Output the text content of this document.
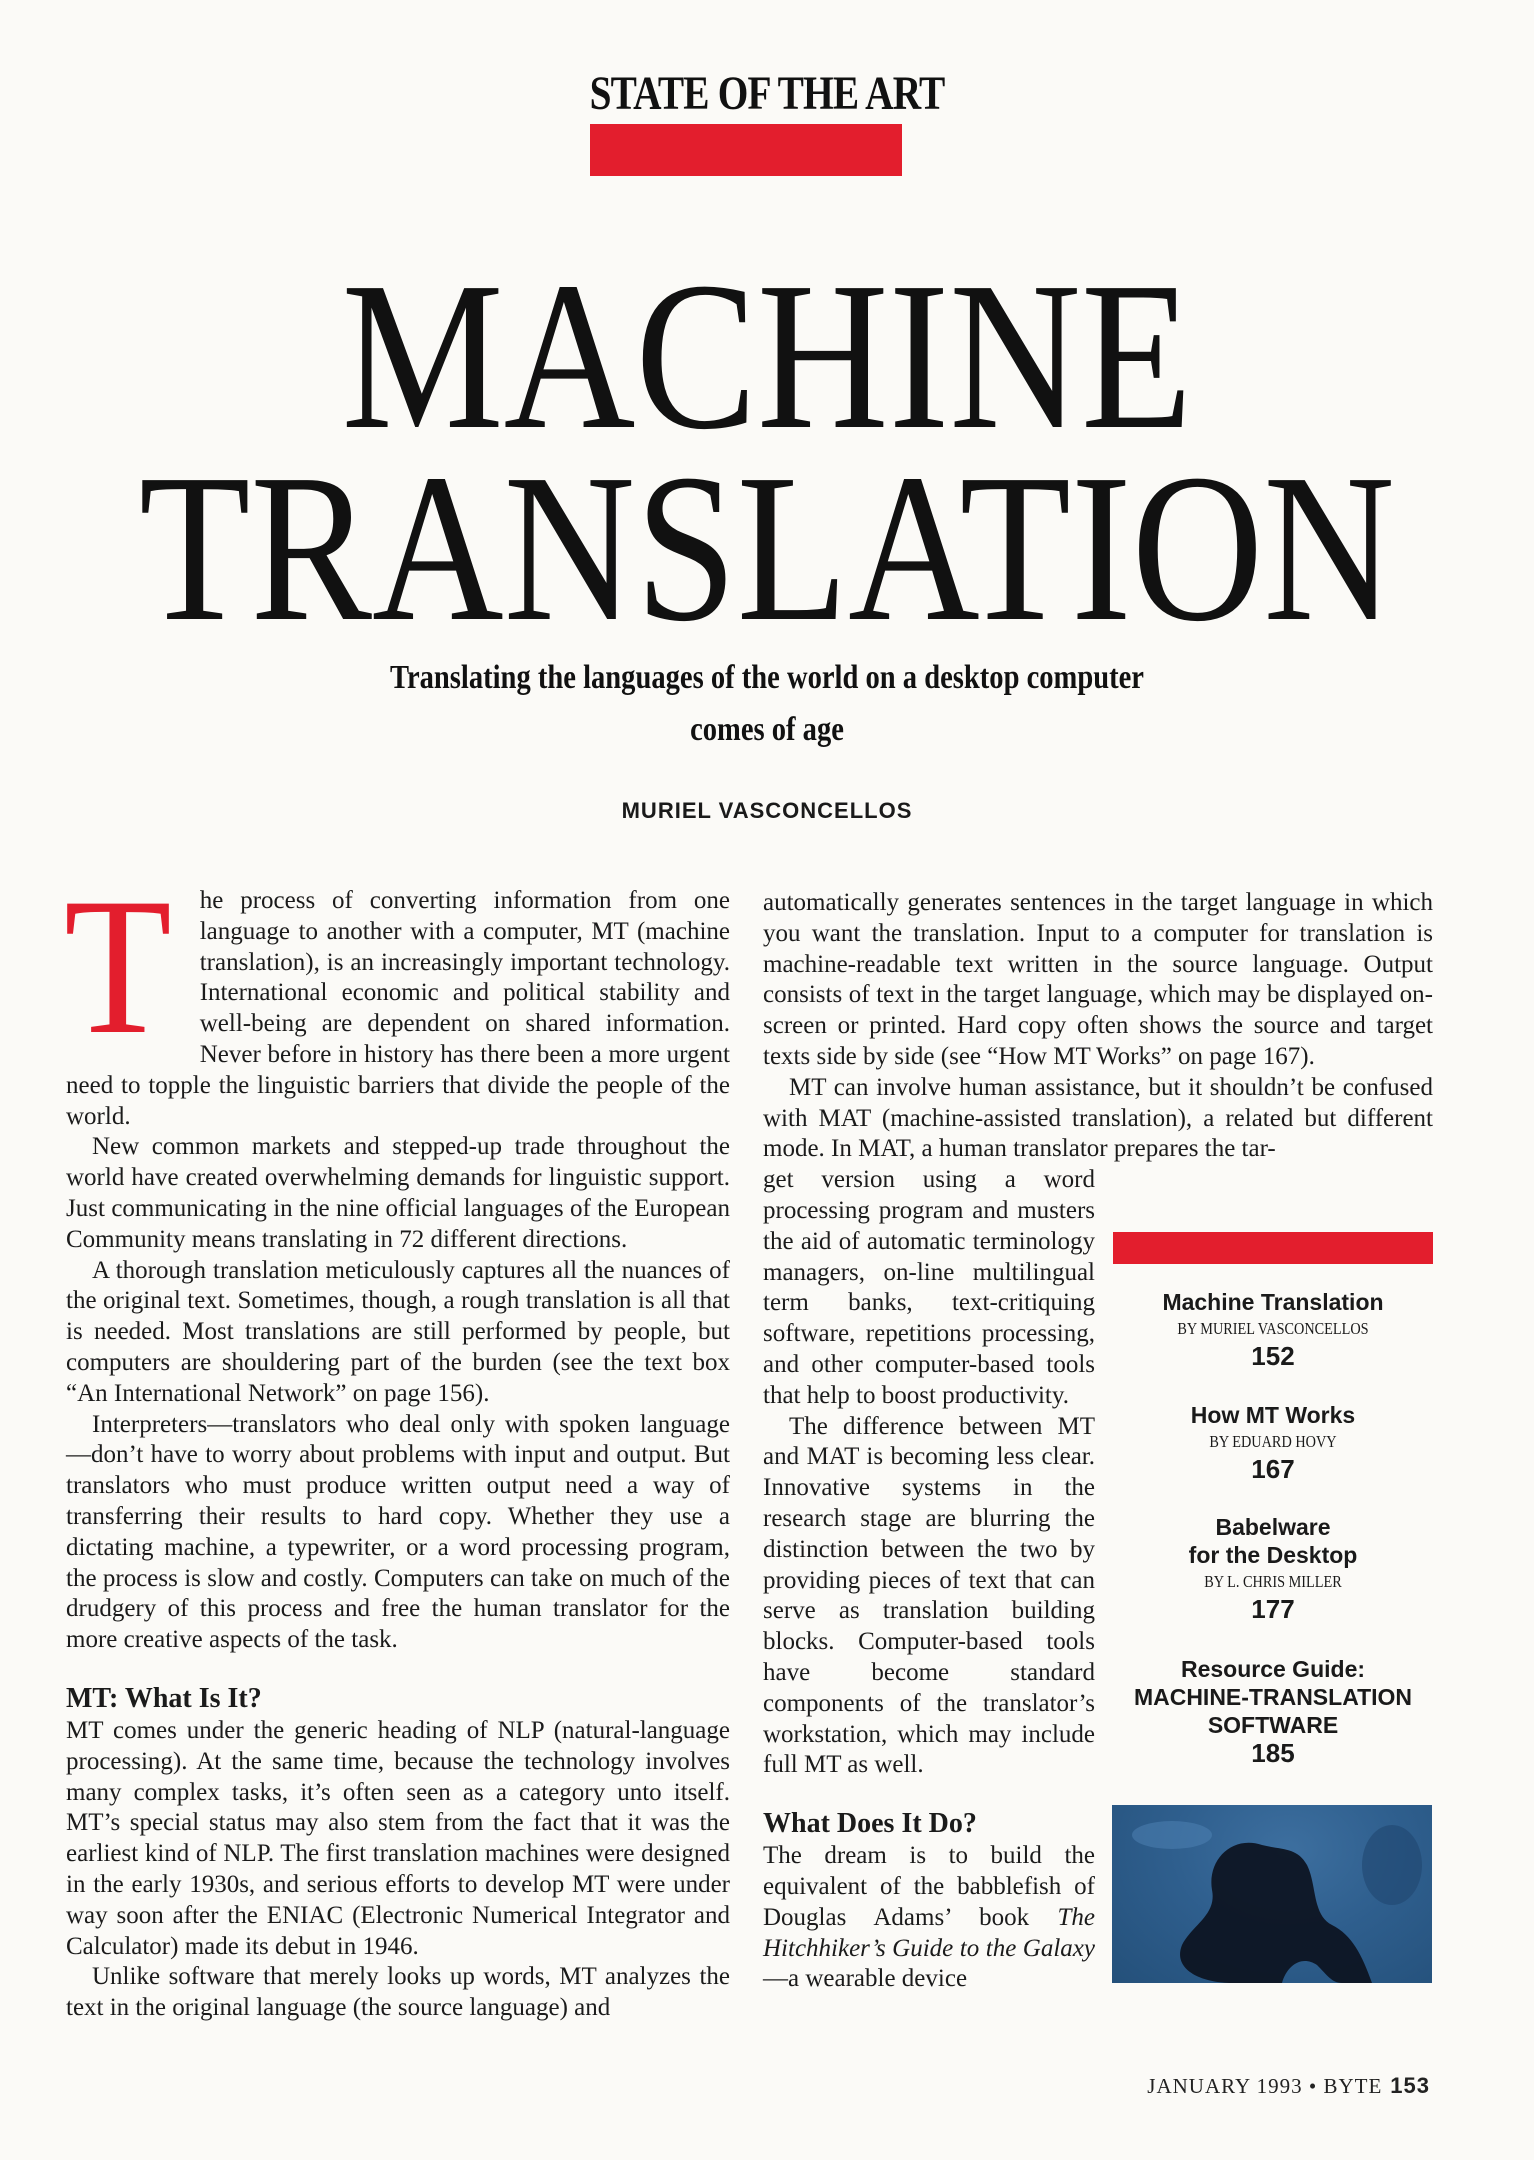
STATE OF THE ART
MACHINE
TRANSLATION
Translating the languages of the world on a desktop computer
comes of age
MURIEL VASCONCELLOS

T he process of converting information from one language to another with a computer, MT (machine translation), is an increasingly important technology. International economic and political stability and well-being are dependent on shared information. Never before in history has there been a more urgent need to topple the linguistic barriers that divide the people of the world.

New common markets and stepped-up trade throughout the world have created overwhelming demands for linguistic support. Just communicating in the nine official languages of the European Community means translating in 72 different directions.

A thorough translation meticulously captures all the nuances of the original text. Sometimes, though, a rough translation is all that is needed. Most translations are still performed by people, but computers are shouldering part of the burden (see the text box “An International Network” on page 156).

Interpreters—translators who deal only with spoken language—don’t have to worry about problems with input and output. But translators who must produce written output need a way of transferring their results to hard copy. Whether they use a dictating machine, a typewriter, or a word processing program, the process is slow and costly. Computers can take on much of the drudgery of this process and free the human translator for the more creative aspects of the task.

MT: What Is It?

MT comes under the generic heading of NLP (natural-language processing). At the same time, because the technology involves many complex tasks, it’s often seen as a category unto itself. MT’s special status may also stem from the fact that it was the earliest kind of NLP. The first translation machines were designed in the early 1930s, and serious efforts to develop MT were under way soon after the ENIAC (Electronic Numerical Integrator and Calculator) made its debut in 1946.

Unlike software that merely looks up words, MT analyzes the text in the original language (the source language) and

automatically generates sentences in the target language in which you want the translation. Input to a computer for translation is machine-readable text written in the source language. Output consists of text in the target language, which may be displayed on-screen or printed. Hard copy often shows the source and target texts side by side (see “How MT Works” on page 167).

MT can involve human assistance, but it shouldn’t be confused with MAT (machine-assisted translation), a related but different mode. In MAT, a human translator prepares the tar-

get version using a word processing program and musters the aid of automatic terminology managers, on-line multilingual term banks, text-critiquing software, repetitions processing, and other computer-based tools that help to boost productivity.

The difference between MT and MAT is becoming less clear. Innovative systems in the research stage are blurring the distinction between the two by providing pieces of text that can serve as translation building blocks. Computer-based tools have become standard components of the translator’s workstation, which may include full MT as well.

What Does It Do?

The dream is to build the equivalent of the babblefish of Douglas Adams’ book The Hitchhiker’s Guide to the Galaxy—a wearable device

Machine Translation
BY MURIEL VASCONCELLOS
152
How MT Works
BY EDUARD HOVY
167
Babelware
for the Desktop
BY L. CHRIS MILLER
177
Resource Guide:
MACHINE-TRANSLATION
SOFTWARE
185
JANUARY 1993 • BYTE 153
